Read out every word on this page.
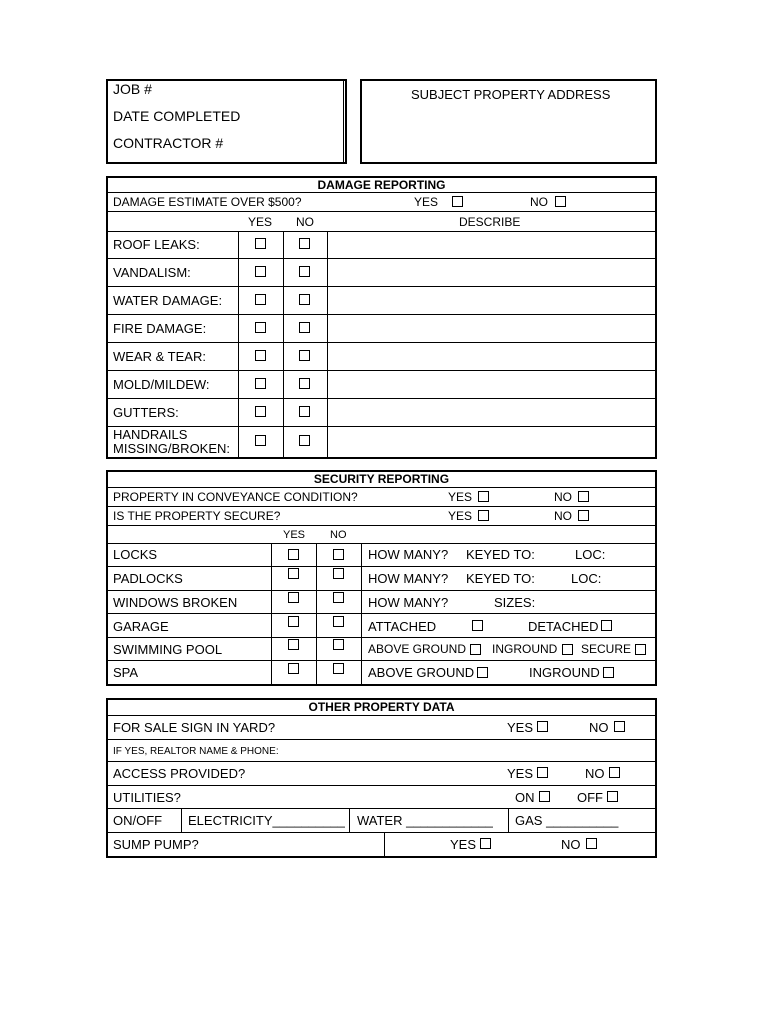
JOB #
DATE COMPLETED
CONTRACTOR #
SUBJECT PROPERTY ADDRESS
DAMAGE REPORTING
DAMAGE ESTIMATE OVER $500?	YES	NO
YES NO	DESCRIBE
ROOF LEAKS:
VANDALISM:
WATER DAMAGE:
FIRE DAMAGE:
WEAR & TEAR:
MOLD/MILDEW:
GUTTERS:
HANDRAILS
MISSING/BROKEN:
SECURITY REPORTING
PROPERTY IN CONVEYANCE CONDITION?	YES	NO
IS THE PROPERTY SECURE?	YES	NO
YES NO
LOCKS	HOW MANY? KEYED TO:	LOC:
PADLOCKS	HOW MANY? KEYED TO:	LOC:
WINDOWS BROKEN	HOW MANY?	SIZES:
GARAGE	ATTACHED	DETACHED
SWIMMING POOL	ABOVE GROUND INGROUND SECURE
SPA	ABOVE GROUND	INGROUND
OTHER PROPERTY DATA
FOR SALE SIGN IN YARD?	YES	NO
IF YES, REALTOR NAME & PHONE:
ACCESS PROVIDED?	YES	NO
UTILITIES?	ON	OFF
ON/OFF ELECTRICITY__________ WATER ____________ GAS __________
SUMP PUMP?	YES	NO
